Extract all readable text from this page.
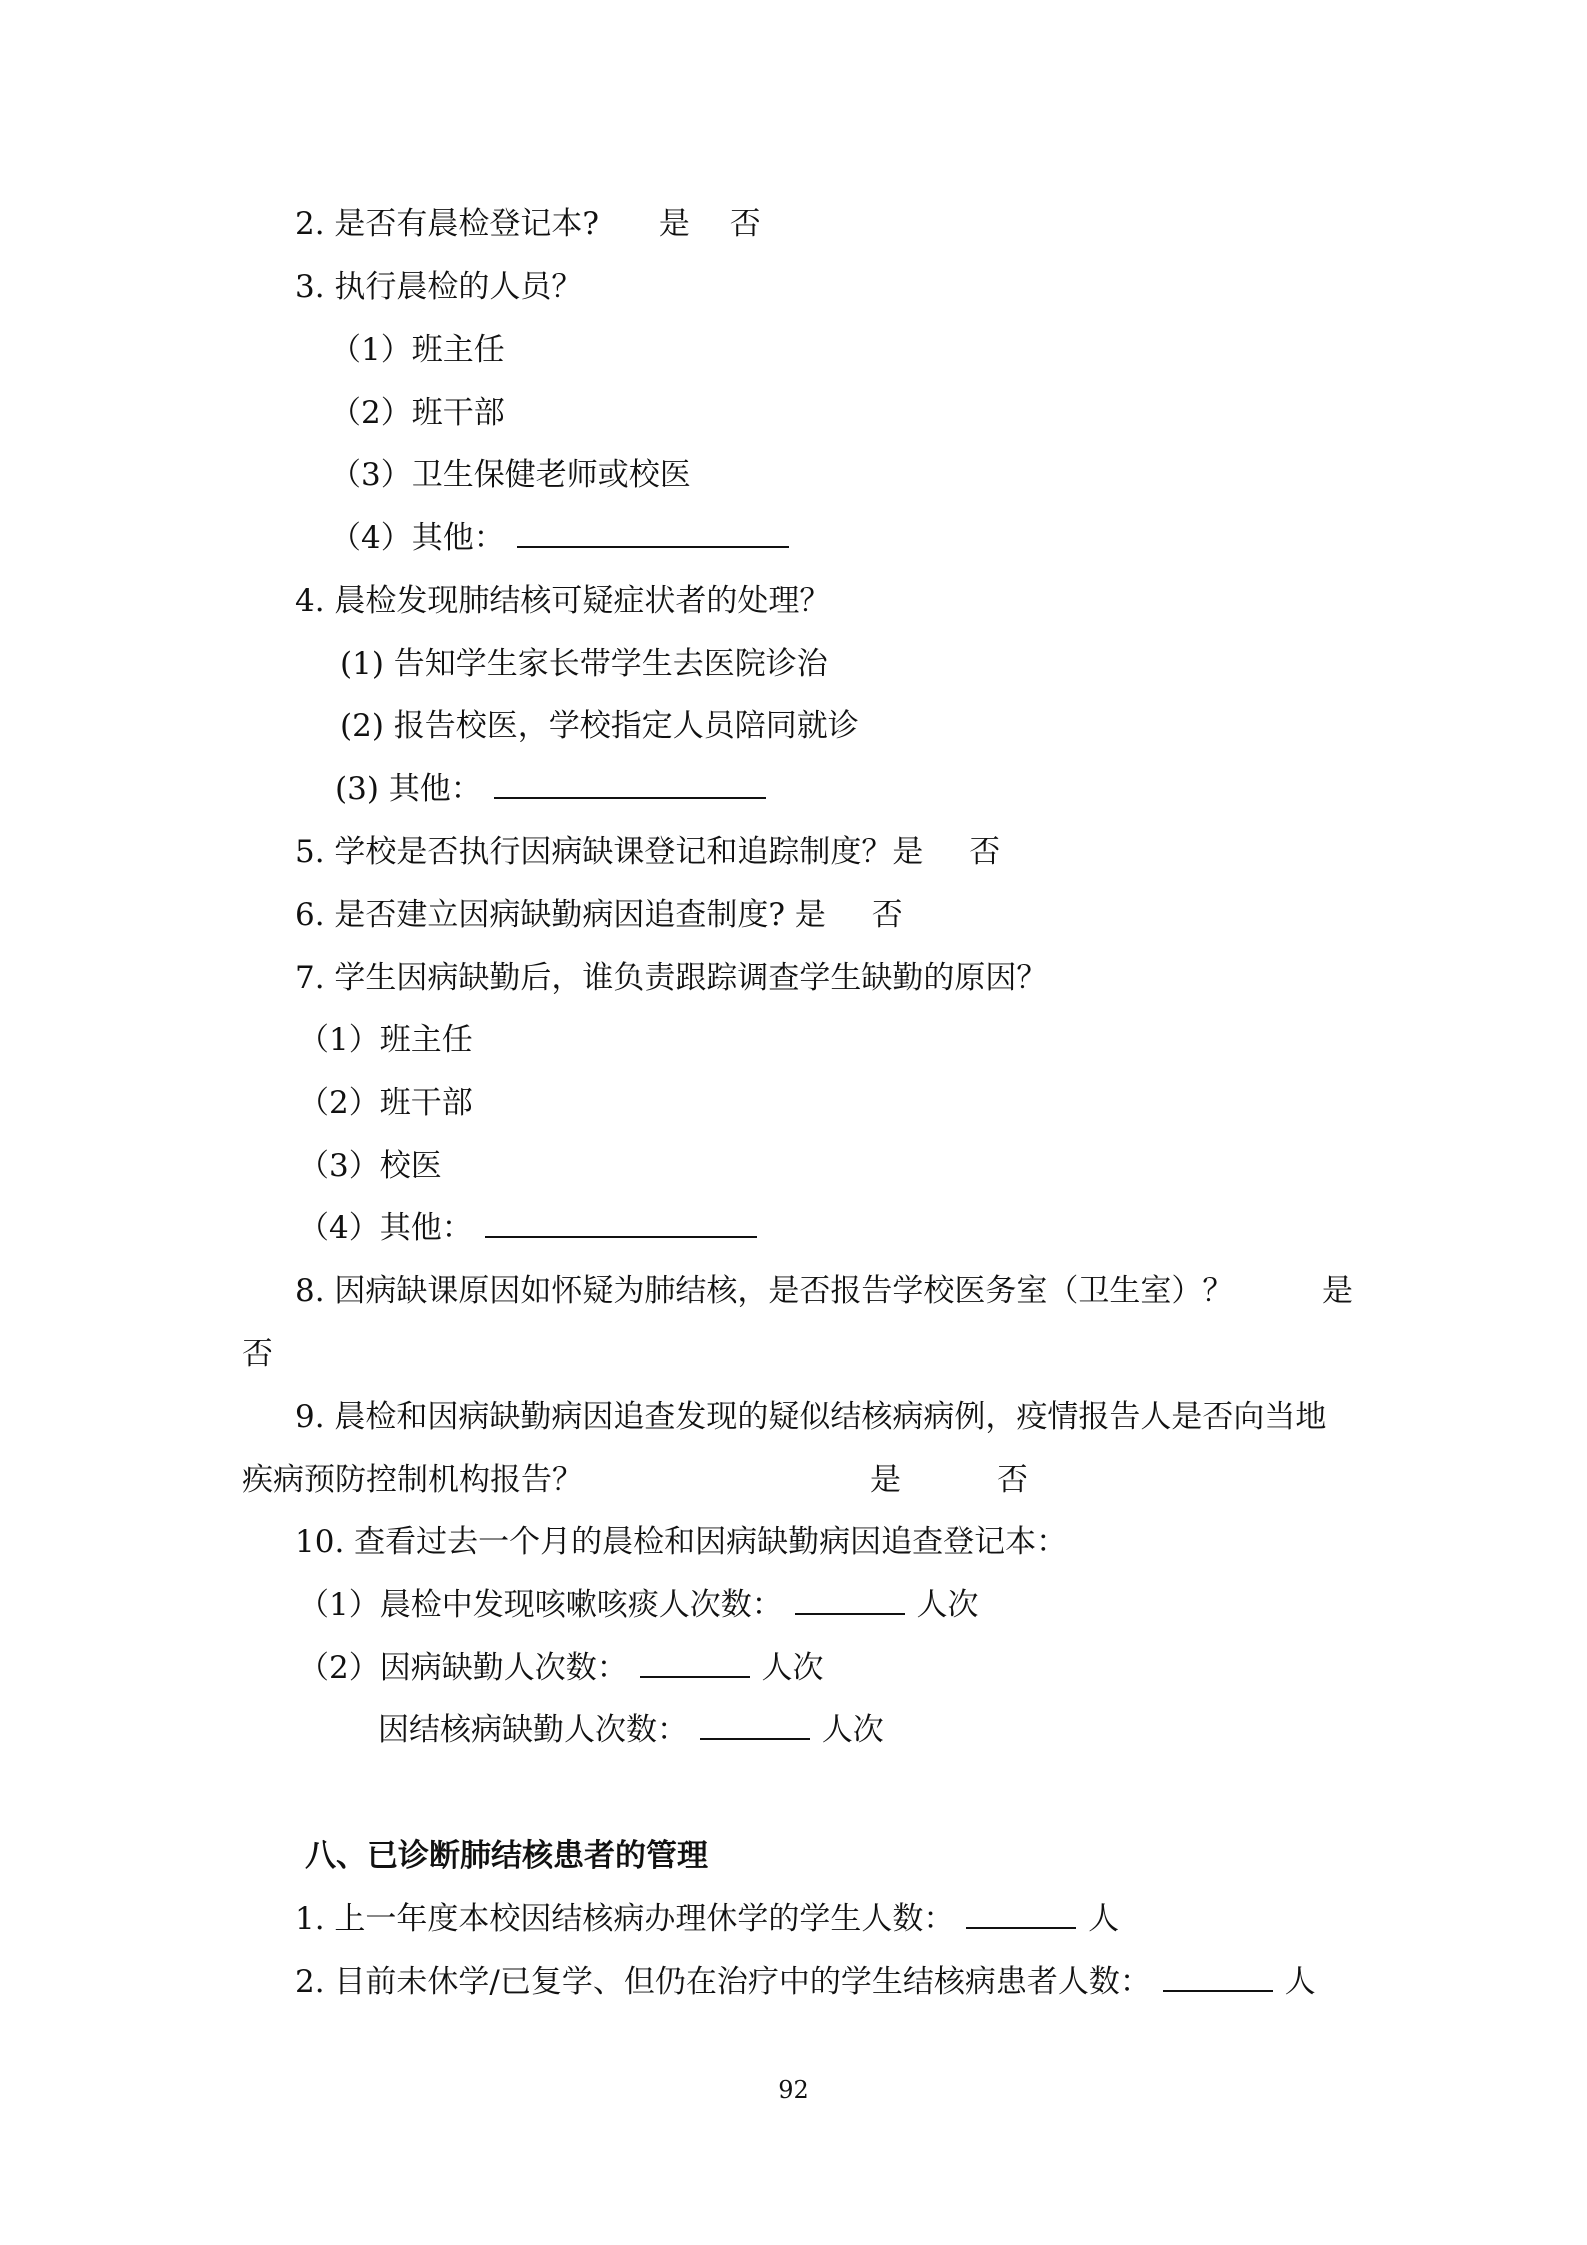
2. 是否有晨检登记本? 是 否
3. 执行晨检的人员？
（1）班主任
（2）班干部
（3）卫生保健老师或校医
（4）其他：
4. 晨检发现肺结核可疑症状者的处理？
(1) 告知学生家长带学生去医院诊治
(2) 报告校医，学校指定人员陪同就诊
(3) 其他：
5. 学校是否执行因病缺课登记和追踪制度？是 否
6. 是否建立因病缺勤病因追查制度? 是 否
7. 学生因病缺勤后，谁负责跟踪调查学生缺勤的原因？
（1）班主任
（2）班干部
（3）校医
（4）其他：
8. 因病缺课原因如怀疑为肺结核，是否报告学校医务室（卫生室）？	是
否
9. 晨检和因病缺勤病因追查发现的疑似结核病病例，疫情报告人是否向当地
疾病预防控制机构报告？	是	否
10. 查看过去一个月的晨检和因病缺勤病因追查登记本：
（1）晨检中发现咳嗽咳痰人次数：	人次
（2）因病缺勤人次数：	人次
因结核病缺勤人次数：	人次
八、已诊断肺结核患者的管理
1. 上一年度本校因结核病办理休学的学生人数：	人
2. 目前未休学/已复学、但仍在治疗中的学生结核病患者人数：	人
92
